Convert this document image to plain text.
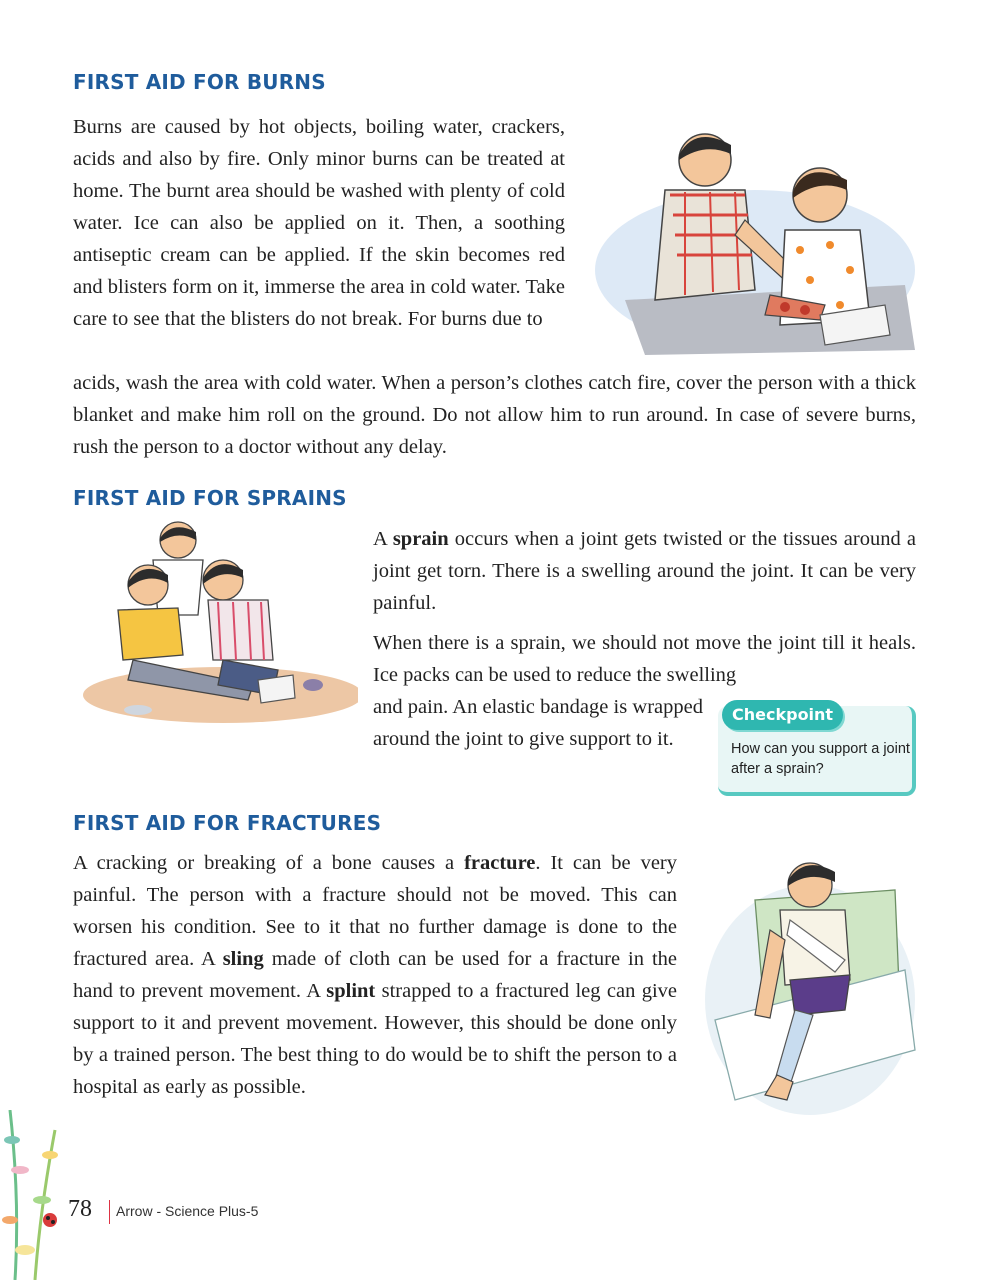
FIRST AID FOR BURNS

Burns are caused by hot objects, boiling water, crackers, acids and also by fire. Only minor burns can be treated at home. The burnt area should be washed with plenty of cold water. Ice can also be applied on it. Then, a soothing antiseptic cream can be applied. If the skin becomes red and blisters form on it, immerse the area in cold water. Take care to see that the blisters do not break. For burns due to

acids, wash the area with cold water. When a person’s clothes catch fire, cover the person with a thick blanket and make him roll on the ground. Do not allow him to run around. In case of severe burns, rush the person to a doctor without any delay.

FIRST AID FOR SPRAINS

A sprain occurs when a joint gets twisted or the tissues around a joint get torn. There is a swelling around the joint. It can be very painful.

When there is a sprain, we should not move the joint till it heals. Ice packs can be used to reduce the swelling

and pain. An elastic bandage is wrapped around the joint to give support to it.

Checkpoint
How can you support a joint after a sprain?
FIRST AID FOR FRACTURES

A cracking or breaking of a bone causes a fracture. It can be very painful. The person with a fracture should not be moved. This can worsen his condition. See to it that no further damage is done to the fractured area. A sling made of cloth can be used for a fracture in the hand to prevent movement. A splint strapped to a fractured leg can give support to it and prevent movement. However, this should be done only by a trained person. The best thing to do would be to shift the person to a hospital as early as possible.

78 Arrow - Science Plus-5
